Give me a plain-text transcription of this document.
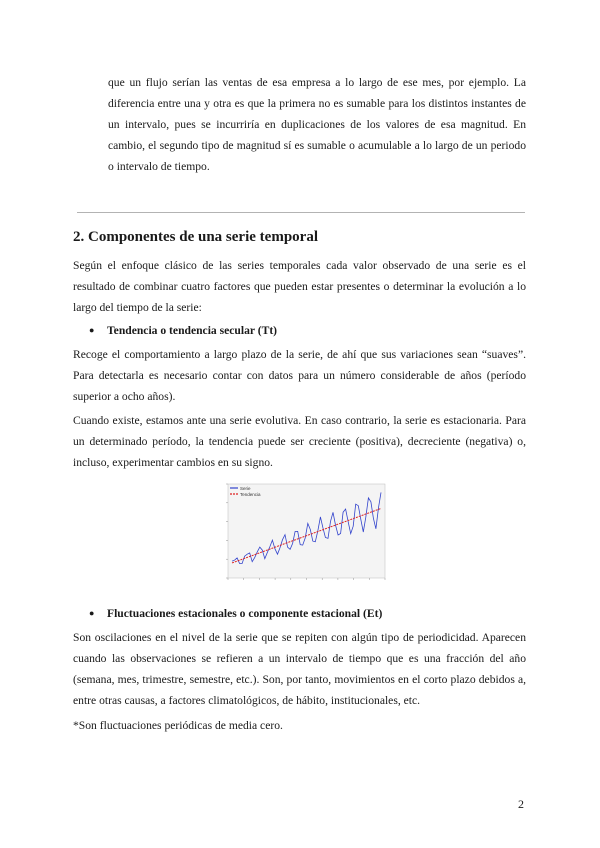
que un flujo serían las ventas de esa empresa a lo largo de ese mes, por ejemplo. La diferencia entre una y otra es que la primera no es sumable para los distintos instantes de un intervalo, pues se incurriría en duplicaciones de los valores de esa magnitud. En cambio, el segundo tipo de magnitud sí es sumable o acumulable a lo largo de un periodo o intervalo de tiempo.

2. Componentes de una serie temporal

Según el enfoque clásico de las series temporales cada valor observado de una serie es el resultado de combinar cuatro factores que pueden estar presentes o determinar la evolución a lo largo del tiempo de la serie:

● Tendencia o tendencia secular (Tt)

Recoge el comportamiento a largo plazo de la serie, de ahí que sus variaciones sean “suaves”. Para detectarla es necesario contar con datos para un número considerable de años (período superior a ocho años).

Cuando existe, estamos ante una serie evolutiva. En caso contrario, la serie es estacionaria. Para un determinado período, la tendencia puede ser creciente (positiva), decreciente (negativa) o, incluso, experimentar cambios en su signo.

Serie
Tendencia

● Fluctuaciones estacionales o componente estacional (Et)

Son oscilaciones en el nivel de la serie que se repiten con algún tipo de periodicidad. Aparecen cuando las observaciones se refieren a un intervalo de tiempo que es una fracción del año (semana, mes, trimestre, semestre, etc.). Son, por tanto, movimientos en el corto plazo debidos a, entre otras causas, a factores climatológicos, de hábito, institucionales, etc.

*Son fluctuaciones periódicas de media cero.

2
